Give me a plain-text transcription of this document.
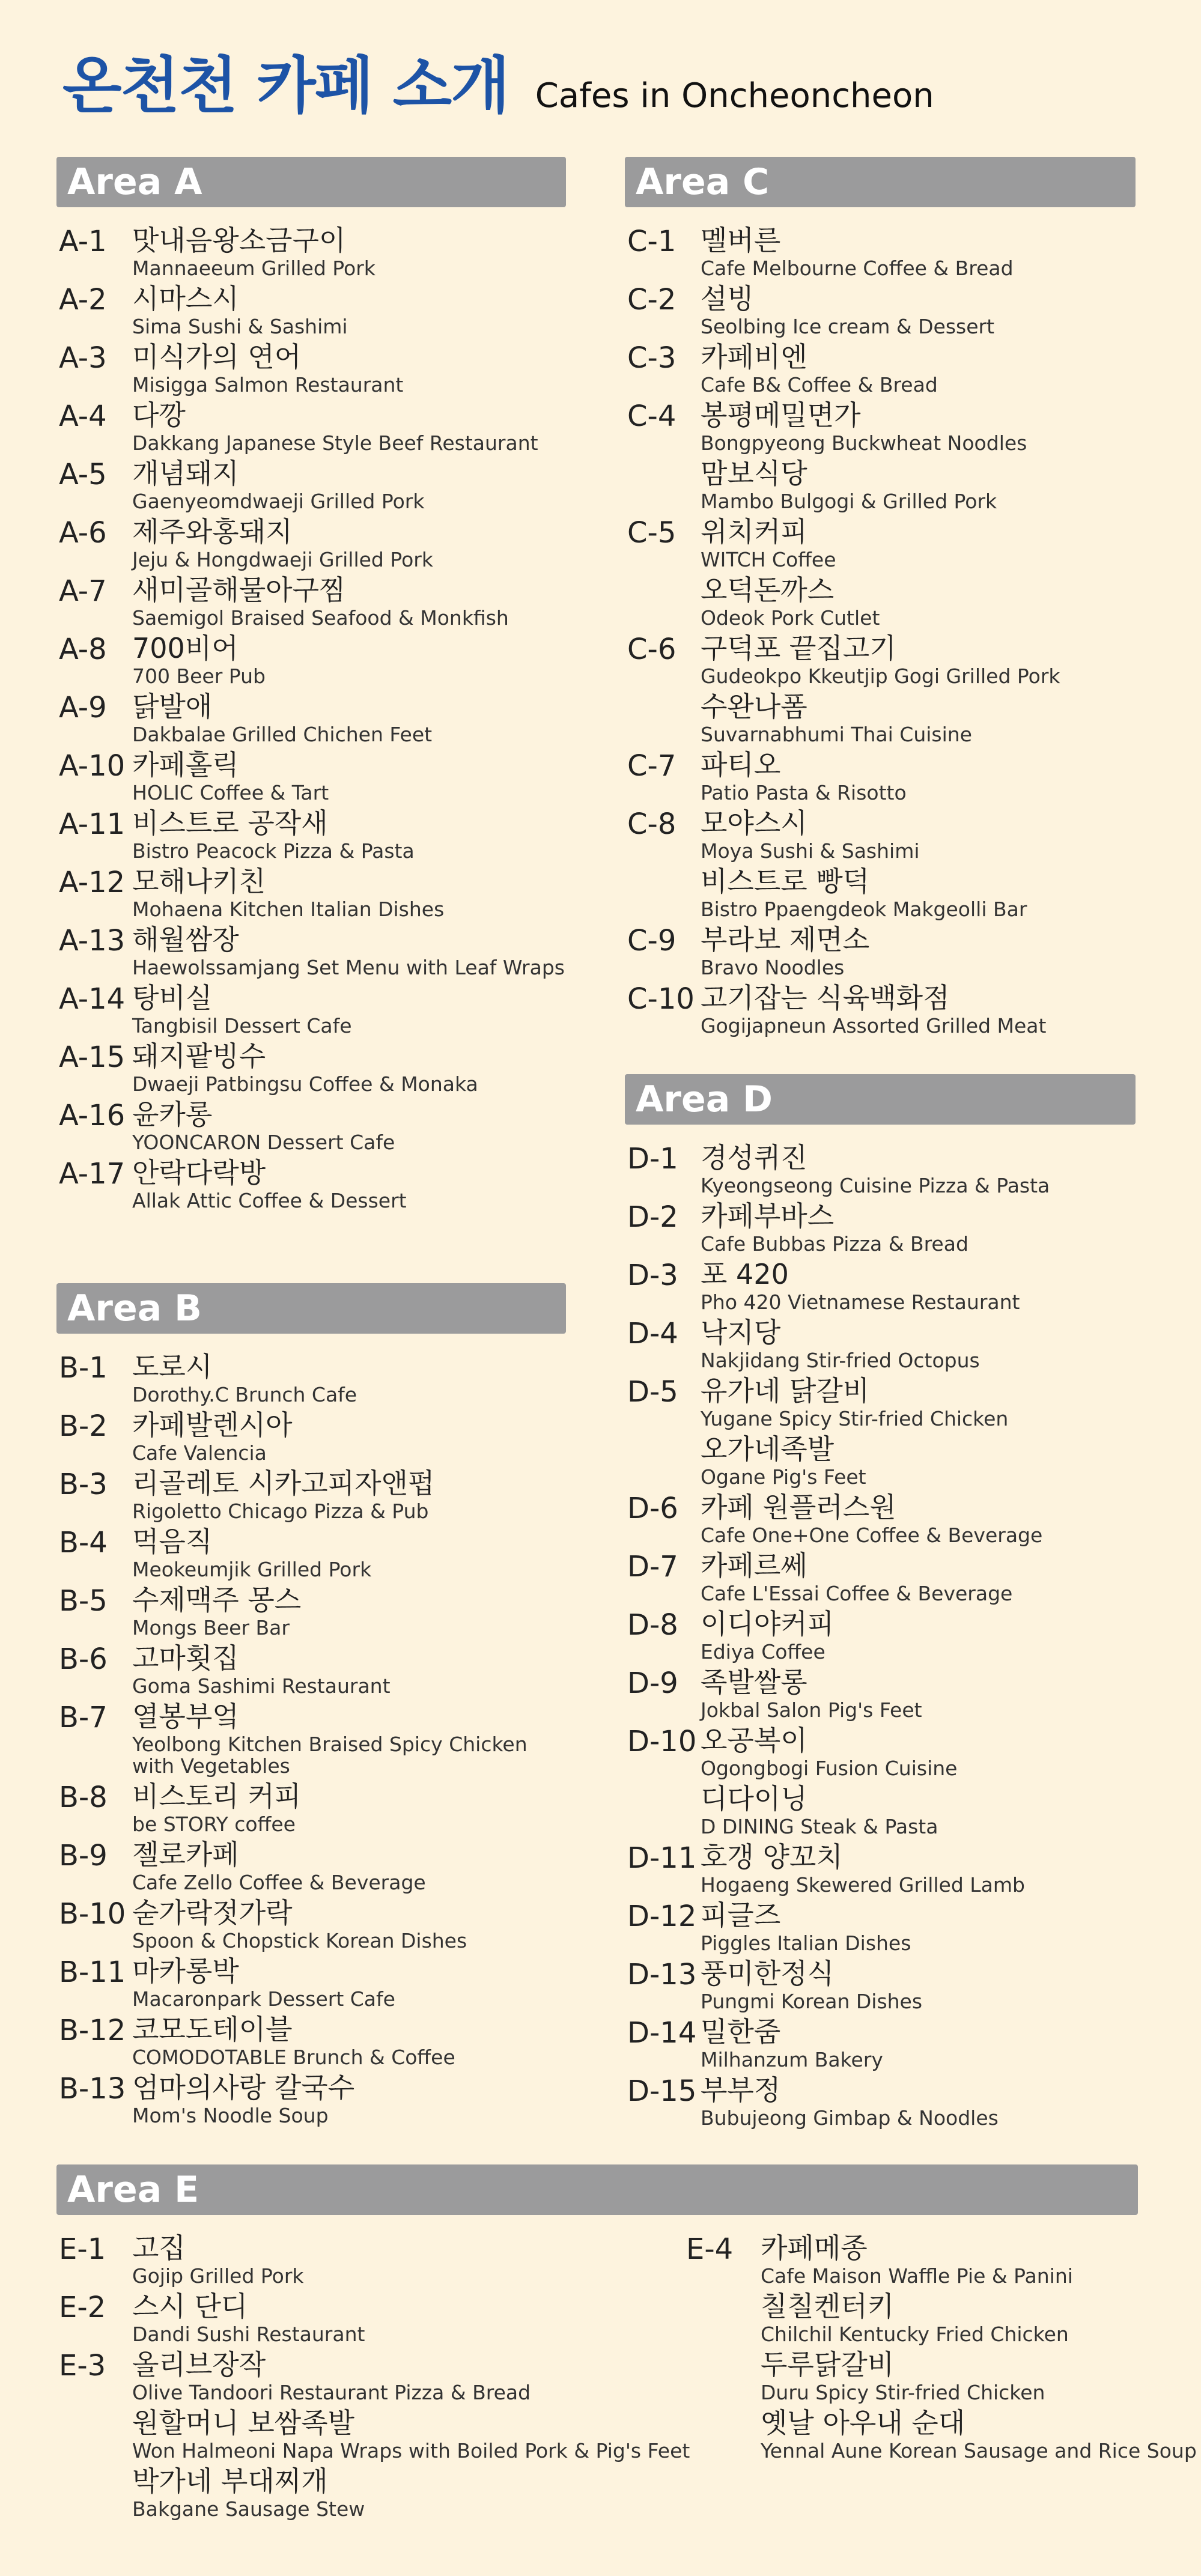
온천천 카페 소개 Cafes in Oncheoncheon
Area A
A-1 맛내음왕소금구이
Mannaeeum Grilled Pork
A-2 시마스시
Sima Sushi & Sashimi
A-3 미식가의 연어
Misigga Salmon Restaurant
A-4 다깡
Dakkang Japanese Style Beef Restaurant
A-5 개념돼지
Gaenyeomdwaeji Grilled Pork
A-6 제주와홍돼지
Jeju & Hongdwaeji Grilled Pork
A-7 새미골해물아구찜
Saemigol Braised Seafood & Monkfish
A-8 700비어
700 Beer Pub
A-9 닭발애
Dakbalae Grilled Chichen Feet
A-10 카페홀릭
HOLIC Coffee & Tart
A-11 비스트로 공작새
Bistro Peacock Pizza & Pasta
A-12 모해나키친
Mohaena Kitchen Italian Dishes
A-13 해월쌈장
Haewolssamjang Set Menu with Leaf Wraps
A-14 탕비실
Tangbisil Dessert Cafe
A-15 돼지팥빙수
Dwaeji Patbingsu Coffee & Monaka
A-16 윤카롱
YOONCARON Dessert Cafe
A-17 안락다락방
Allak Attic Coffee & Dessert
Area B
B-1 도로시
Dorothy.C Brunch Cafe
B-2 카페발렌시아
Cafe Valencia
B-3 리골레토 시카고피자앤펍
Rigoletto Chicago Pizza & Pub
B-4 먹음직
Meokeumjik Grilled Pork
B-5 수제맥주 몽스
Mongs Beer Bar
B-6 고마횟집
Goma Sashimi Restaurant
B-7 열봉부엌
Yeolbong Kitchen Braised Spicy Chicken
with Vegetables
B-8 비스토리 커피
be STORY coffee
B-9 젤로카페
Cafe Zello Coffee & Beverage
B-10 숟가락젓가락
Spoon & Chopstick Korean Dishes
B-11 마카롱박
Macaronpark Dessert Cafe
B-12 코모도테이블
COMODOTABLE Brunch & Coffee
B-13 엄마의사랑 칼국수
Mom's Noodle Soup
Area C
C-1 멜버른
Cafe Melbourne Coffee & Bread
C-2 설빙
Seolbing Ice cream & Dessert
C-3 카페비엔
Cafe B& Coffee & Bread
C-4 봉평메밀면가
Bongpyeong Buckwheat Noodles
맘보식당
Mambo Bulgogi & Grilled Pork
C-5 위치커피
WITCH Coffee
오덕돈까스
Odeok Pork Cutlet
C-6 구덕포 끝집고기
Gudeokpo Kkeutjip Gogi Grilled Pork
수완나폼
Suvarnabhumi Thai Cuisine
C-7 파티오
Patio Pasta & Risotto
C-8 모야스시
Moya Sushi & Sashimi
비스트로 빵덕
Bistro Ppaengdeok Makgeolli Bar
C-9 부라보 제면소
Bravo Noodles
C-10 고기잡는 식육백화점
Gogijapneun Assorted Grilled Meat
Area D
D-1 경성퀴진
Kyeongseong Cuisine Pizza & Pasta
D-2 카페부바스
Cafe Bubbas Pizza & Bread
D-3 포 420
Pho 420 Vietnamese Restaurant
D-4 낙지당
Nakjidang Stir-fried Octopus
D-5 유가네 닭갈비
Yugane Spicy Stir-fried Chicken
오가네족발
Ogane Pig's Feet
D-6 카페 원플러스원
Cafe One+One Coffee & Beverage
D-7 카페르쎄
Cafe L'Essai Coffee & Beverage
D-8 이디야커피
Ediya Coffee
D-9 족발쌀롱
Jokbal Salon Pig's Feet
D-10 오공복이
Ogongbogi Fusion Cuisine
디다이닝
D DINING Steak & Pasta
D-11 호갱 양꼬치
Hogaeng Skewered Grilled Lamb
D-12 피글즈
Piggles Italian Dishes
D-13 풍미한정식
Pungmi Korean Dishes
D-14 밀한줌
Milhanzum Bakery
D-15 부부정
Bubujeong Gimbap & Noodles
Area E
E-1 고집
Gojip Grilled Pork
E-2 스시 단디
Dandi Sushi Restaurant
E-3 올리브장작
Olive Tandoori Restaurant Pizza & Bread
원할머니 보쌈족발
Won Halmeoni Napa Wraps with Boiled Pork & Pig's Feet
박가네 부대찌개
Bakgane Sausage Stew
E-4 카페메종
Cafe Maison Waffle Pie & Panini
칠칠켄터키
Chilchil Kentucky Fried Chicken
두루닭갈비
Duru Spicy Stir-fried Chicken
옛날 아우내 순대
Yennal Aune Korean Sausage and Rice Soup
